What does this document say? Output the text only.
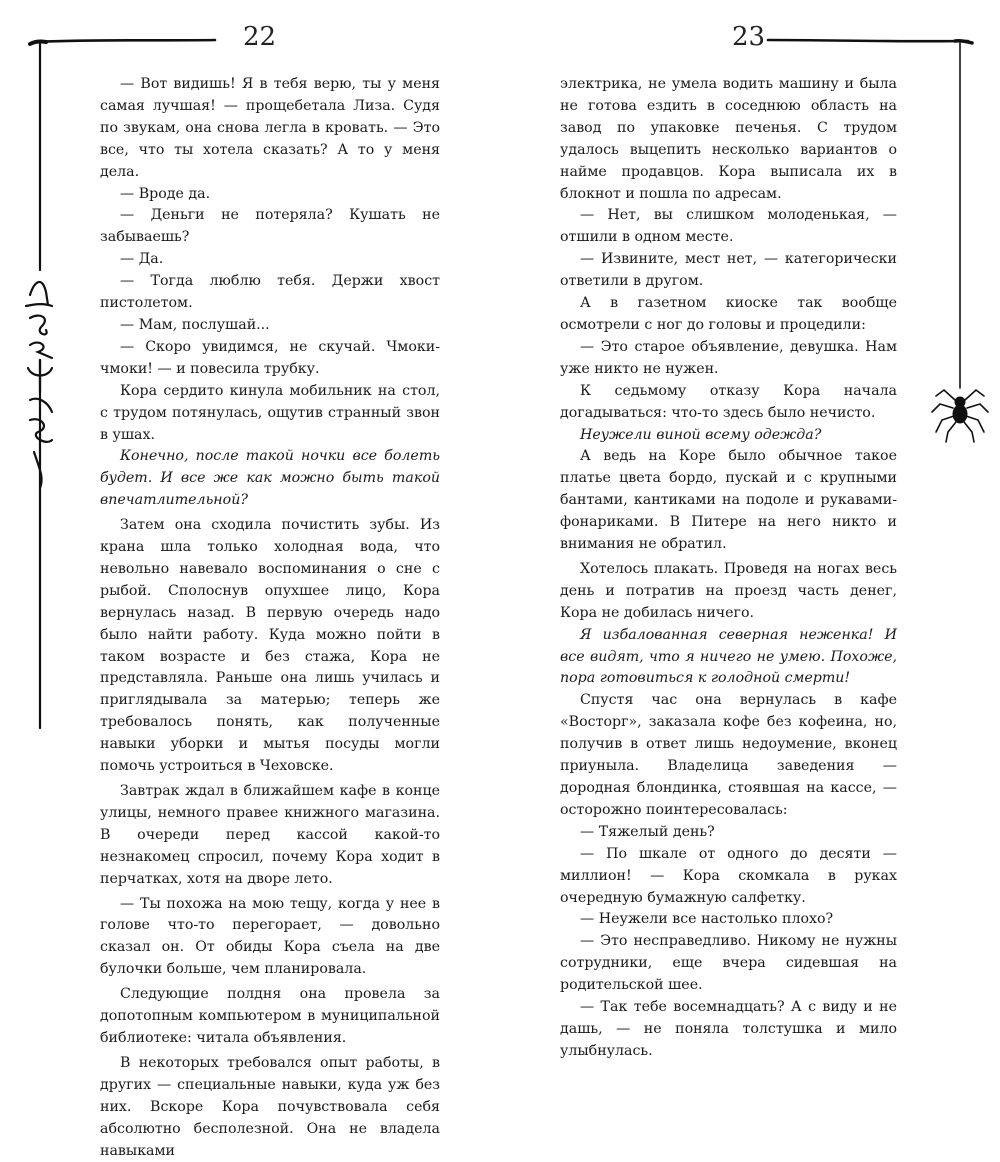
22	23

— Вот видишь! Я в тебя верю, ты у меня самая лучшая! — прощебетала Лиза. Судя по звукам, она снова легла в кровать. — Это все, что ты хотела сказать? А то у меня дела.

— Вроде да.

— Деньги не потеряла? Кушать не забываешь?

— Да.

— Тогда люблю тебя. Держи хвост пистолетом.

— Мам, послушай...

— Скоро увидимся, не скучай. Чмоки-чмоки! — и повесила трубку.

Кора сердито кинула мобильник на стол, с трудом потянулась, ощутив странный звон в ушах.

Конечно, после такой ночки все болеть будет. И все же как можно быть такой впечатлительной?

Затем она сходила почистить зубы. Из крана шла только холодная вода, что невольно навевало воспоминания о сне с рыбой. Сполоснув опухшее лицо, Кора вернулась назад. В первую очередь надо было найти работу. Куда можно пойти в таком возрасте и без стажа, Кора не представляла. Раньше она лишь училась и приглядывала за матерью; теперь же требовалось понять, как полученные навыки уборки и мытья посуды могли помочь устроиться в Чеховске.

Завтрак ждал в ближайшем кафе в конце улицы, немного правее книжного магазина. В очереди перед кассой какой-то незнакомец спросил, почему Кора ходит в перчатках, хотя на дворе лето.

— Ты похожа на мою тещу, когда у нее в голове что-то перегорает, — довольно сказал он. От обиды Кора съела на две булочки больше, чем планировала.

Следующие полдня она провела за допотопным компьютером в муниципальной библиотеке: читала объявления.

В некоторых требовался опыт работы, в других — специальные навыки, куда уж без них. Вскоре Кора почувствовала себя абсолютно бесполезной. Она не владела навыками

электрика, не умела водить машину и была не готова ездить в соседнюю область на завод по упаковке печенья. С трудом удалось выцепить несколько вариантов о найме продавцов. Кора выписала их в блокнот и пошла по адресам.

— Нет, вы слишком молоденькая, — отшили в одном месте.

— Извините, мест нет, — категорически ответили в другом.

А в газетном киоске так вообще осмотрели с ног до головы и процедили:

— Это старое объявление, девушка. Нам уже никто не нужен.

К седьмому отказу Кора начала догадываться: что-то здесь было нечисто.

Неужели виной всему одежда?

А ведь на Коре было обычное такое платье цвета бордо, пускай и с крупными бантами, кантиками на подоле и рукавами-фонариками. В Питере на него никто и внимания не обратил.

Хотелось плакать. Проведя на ногах весь день и потратив на проезд часть денег, Кора не добилась ничего.

Я избалованная северная неженка! И все видят, что я ничего не умею. Похоже, пора готовиться к голодной смерти!

Спустя час она вернулась в кафе «Восторг», заказала кофе без кофеина, но, получив в ответ лишь недоумение, вконец приуныла. Владелица заведения — дородная блондинка, стоявшая на кассе, — осторожно поинтересовалась:

— Тяжелый день?

— По шкале от одного до десяти — миллион! — Кора скомкала в руках очередную бумажную салфетку.

— Неужели все настолько плохо?

— Это несправедливо. Никому не нужны сотрудники, еще вчера сидевшая на родительской шее.

— Так тебе восемнадцать? А с виду и не дашь, — не поняла толстушка и мило улыбнулась.
